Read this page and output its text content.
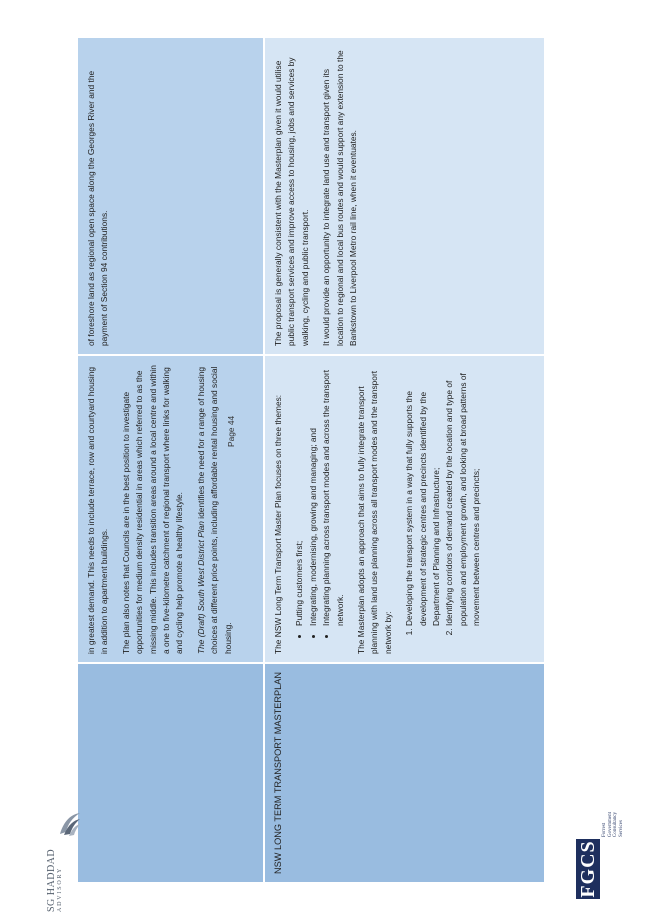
in greatest demand. This needs to include terrace, row and courtyard housing in addition to apartment buildings. The plan also notes that Councils are in the best position to investigate opportunities for medium density residential in areas which referred to as the missing middle. This includes transition areas around a local centre and within a one to five-kilometre catchment of regional transport where links for walking and cycling help promote a healthy lifestyle. The (Draft) South West District Plan identifies the need for a range of housing choices at different price points, including affordable rental housing and social housing.

of foreshore land as regional open space along the Georges River and the payment of Section 94 contributions.

NSW LONG TERM TRANSPORT MASTERPLAN

The NSW Long Term Transport Master Plan focuses on three themes: • Putting customers first; • Integrating, modernising, growing and managing; and • Integrating planning across transport modes and across the transport network. The Masterplan adopts an approach that aims to fully integrate transport planning with land use planning across all transport modes and the transport network by:

1. Developing the transport system in a way that fully supports the development of strategic centres and precincts identified by the Department of Planning and Infrastructure; 2. Identifying corridors of demand created by the location and type of population and employment growth, and looking at broad patterns of movement between centres and precincts;

The proposal is generally consistent with the Masterplan given it would utilise public transport services and improve access to housing, jobs and services by walking, cycling and public transport. It would provide an opportunity to integrate land use and transport given its location to regional and local bus routes and would support any extension to the Bankstown to Liverpool Metro rail line, when it eventuates.

Page 44
SG HADDAD ADVISORY	FGCS
Forrest Government Consultancy Services
